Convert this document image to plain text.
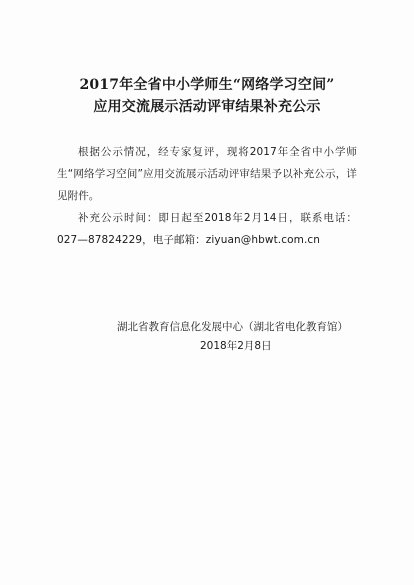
2017年全省中小学师生“网络学习空间”
应用交流展示活动评审结果补充公示
根据公示情况，经专家复评，现将2017年全省中小学师生“网络学习空间”应用交流展示活动评审结果予以补充公示，详见附件。
补充公示时间：即日起至2018年2月14日，联系电话：027—87824229，电子邮箱：ziyuan@hbwt.com.cn
湖北省教育信息化发展中心（湖北省电化教育馆）
2018年2月8日
